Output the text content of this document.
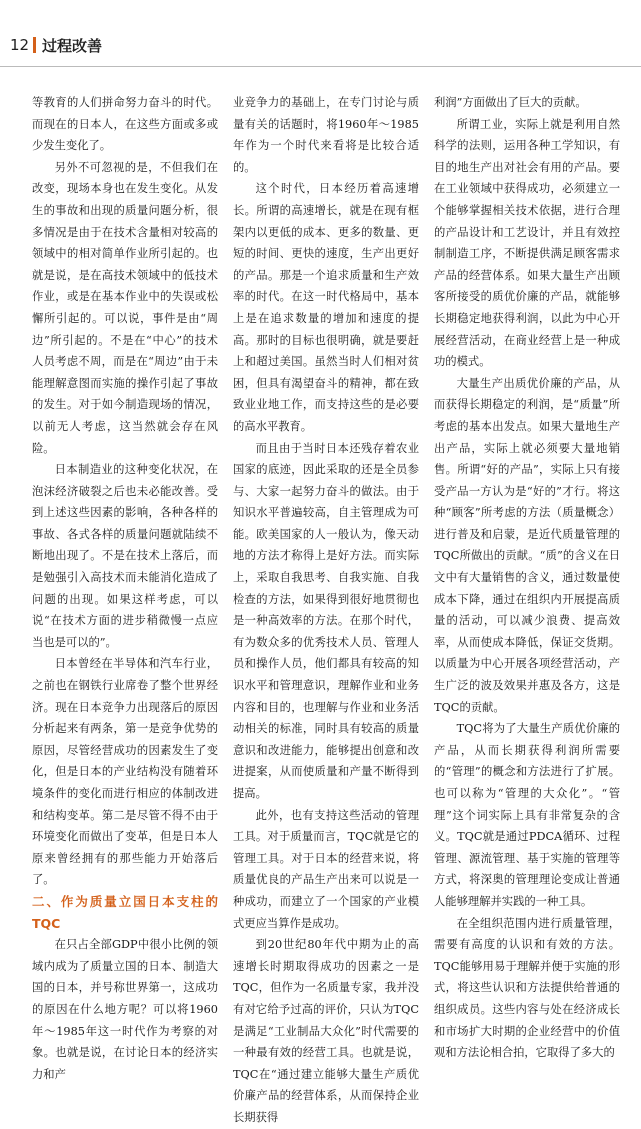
12 过程改善

等教育的人们拼命努力奋斗的时代。而现在的日本人，在这些方面或多或少发生变化了。

另外不可忽视的是，不但我们在改变，现场本身也在发生变化。从发生的事故和出现的质量问题分析，很多情况是由于在技术含量相对较高的领域中的相对简单作业所引起的。也就是说，是在高技术领域中的低技术作业，或是在基本作业中的失误或松懈所引起的。可以说，事件是由“周边”所引起的。不是在“中心”的技术人员考虑不周，而是在“周边”由于未能理解意图而实施的操作引起了事故的发生。对于如今制造现场的情况，以前无人考虑，这当然就会存在风险。

日本制造业的这种变化状况，在泡沫经济破裂之后也未必能改善。受到上述这些因素的影响，各种各样的事故、各式各样的质量问题就陆续不断地出现了。不是在技术上落后，而是勉强引入高技术而未能消化造成了问题的出现。如果这样考虑，可以说“在技术方面的进步稍微慢一点应当也是可以的”。

日本曾经在半导体和汽车行业，之前也在钢铁行业席卷了整个世界经济。现在日本竞争力出现落后的原因分析起来有两条，第一是竞争优势的原因，尽管经营成功的因素发生了变化，但是日本的产业结构没有随着环境条件的变化而进行相应的体制改进和结构变革。第二是尽管不得不由于环境变化而做出了变革，但是日本人原来曾经拥有的那些能力开始落后了。

二、作为质量立国日本支柱的 TQC

在只占全部GDP中很小比例的领域内成为了质量立国的日本、制造大国的日本，并号称世界第一，这成功的原因在什么地方呢？可以将1960年～1985年这一时代作为考察的对象。也就是说，在讨论日本的经济实力和产

业竞争力的基础上，在专门讨论与质量有关的话题时，将1960年～1985年作为一个时代来看将是比较合适的。

这个时代，日本经历着高速增长。所谓的高速增长，就是在现有框架内以更低的成本、更多的数量、更短的时间、更快的速度，生产出更好的产品。那是一个追求质量和生产效率的时代。在这一时代格局中，基本上是在追求数量的增加和速度的提高。那时的目标也很明确，就是要赶上和超过美国。虽然当时人们相对贫困，但具有渴望奋斗的精神，都在致致业业地工作，而支持这些的是必要的高水平教育。

而且由于当时日本还残存着农业国家的底迹，因此采取的还是全员参与、大家一起努力奋斗的做法。由于知识水平普遍较高，自主管理成为可能。欧美国家的人一般认为，像天动地的方法才称得上是好方法。而实际上，采取自我思考、自我实施、自我检查的方法，如果得到很好地贯彻也是一种高效率的方法。在那个时代，有为数众多的优秀技术人员、管理人员和操作人员，他们都具有较高的知识水平和管理意识，理解作业和业务内容和目的，也理解与作业和业务活动相关的标准，同时具有较高的质量意识和改进能力，能够提出创意和改进提案，从而使质量和产量不断得到提高。

此外，也有支持这些活动的管理工具。对于质量而言，TQC就是它的管理工具。对于日本的经营来说，将质量优良的产品生产出来可以说是一种成功，而建立了一个国家的产业模式更应当算作是成功。

到20世纪80年代中期为止的高速增长时期取得成功的因素之一是TQC，但作为一名质量专家，我并没有对它给予过高的评价，只认为TQC是满足“工业制品大众化”时代需要的一种最有效的经营工具。也就是说，TQC在“通过建立能够大量生产质优价廉产品的经营体系，从而保持企业长期获得

利润”方面做出了巨大的贡献。

所谓工业，实际上就是利用自然科学的法则，运用各种工学知识，有目的地生产出对社会有用的产品。要在工业领域中获得成功，必须建立一个能够掌握相关技术依据，进行合理的产品设计和工艺设计，并且有效控制制造工序，不断提供满足顾客需求产品的经营体系。如果大量生产出顾客所接受的质优价廉的产品，就能够长期稳定地获得利润，以此为中心开展经营活动，在商业经营上是一种成功的模式。

大量生产出质优价廉的产品，从而获得长期稳定的利润，是“质量”所考虑的基本出发点。如果大量地生产出产品，实际上就必须要大量地销售。所谓“好的产品”，实际上只有接受产品一方认为是“好的”才行。将这种“顾客”所考虑的方法（质量概念）进行普及和启蒙，是近代质量管理的TQC所做出的贡献。“质”的含义在日文中有大量销售的含义，通过数量使成本下降，通过在组织内开展提高质量的活动，可以减少浪费、提高效率，从而使成本降低，保证交货期。以质量为中心开展各项经营活动，产生广泛的波及效果并惠及各方，这是TQC的贡献。

TQC将为了大量生产质优价廉的产品，从而长期获得利润所需要的“管理”的概念和方法进行了扩展。也可以称为“管理的大众化”。“管理”这个词实际上具有非常复杂的含义。TQC就是通过PDCA循环、过程管理、源流管理、基于实施的管理等方式，将深奥的管理理论变成让普通人能够理解并实践的一种工具。

在全组织范围内进行质量管理，需要有高度的认识和有效的方法。TQC能够用易于理解并便于实施的形式，将这些认识和方法提供给普通的组织成员。这些内容与处在经济成长和市场扩大时期的企业经营中的价值观和方法论相合拍，它取得了多大的
